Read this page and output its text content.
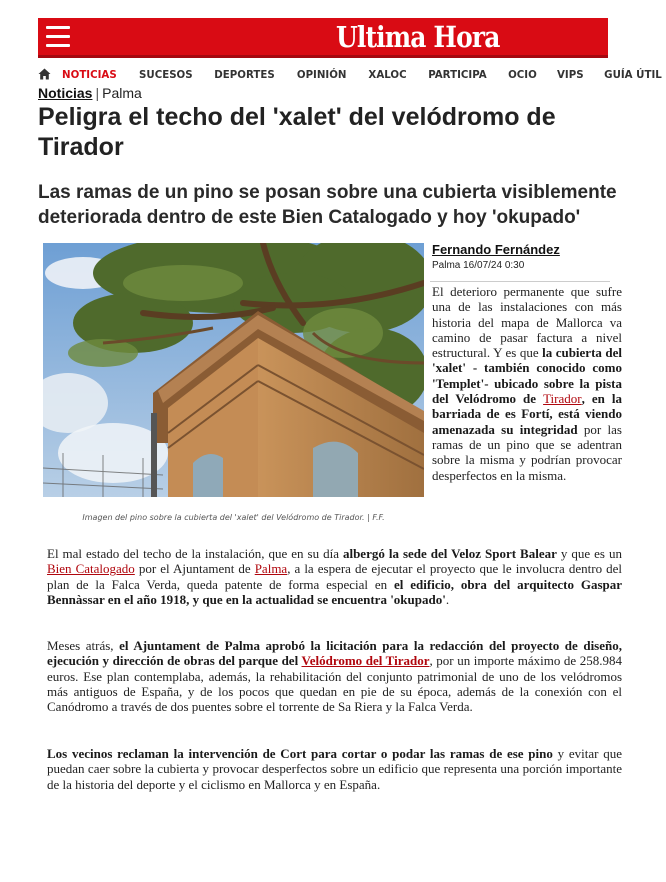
Ultima Hora
NOTICIAS	SUCESOS	DEPORTES	OPINIÓN	XALOC	PARTICIPA	OCIO	VIPS	GUÍA ÚTIL
Noticias | Palma
Peligra el techo del 'xalet' del velódromo de Tirador
Las ramas de un pino se posan sobre una cubierta visiblemente deteriorada dentro de este Bien Catalogado y hoy 'okupado'
Imagen del pino sobre la cubierta del 'xalet' del Velódromo de Tirador. | F.F.
Fernando Fernández
Palma 16/07/24 0:30

El deterioro permanente que sufre una de las instalaciones con más historia del mapa de Mallorca va camino de pasar factura a nivel estructural. Y es que la cubierta del 'xalet' - también conocido como 'Templet'- ubicado sobre la pista del Velódromo de Tirador, en la barriada de es Fortí, está viendo amenazada su integridad por las ramas de un pino que se adentran sobre la misma y podrían provocar desperfectos en la misma.

El mal estado del techo de la instalación, que en su día albergó la sede del Veloz Sport Balear y que es un Bien Catalogado por el Ajuntament de Palma, a la espera de ejecutar el proyecto que le involucra dentro del plan de la Falca Verda, queda patente de forma especial en el edificio, obra del arquitecto Gaspar Bennàssar en el año 1918, y que en la actualidad se encuentra 'okupado'.

Meses atrás, el Ajuntament de Palma aprobó la licitación para la redacción del proyecto de diseño, ejecución y dirección de obras del parque del Velódromo del Tirador, por un importe máximo de 258.984 euros. Ese plan contemplaba, además, la rehabilitación del conjunto patrimonial de uno de los velódromos más antiguos de España, y de los pocos que quedan en pie de su época, además de la conexión con el Canódromo a través de dos puentes sobre el torrente de Sa Riera y la Falca Verda.

Los vecinos reclaman la intervención de Cort para cortar o podar las ramas de ese pino y evitar que puedan caer sobre la cubierta y provocar desperfectos sobre un edificio que representa una porción importante de la historia del deporte y el ciclismo en Mallorca y en España.
